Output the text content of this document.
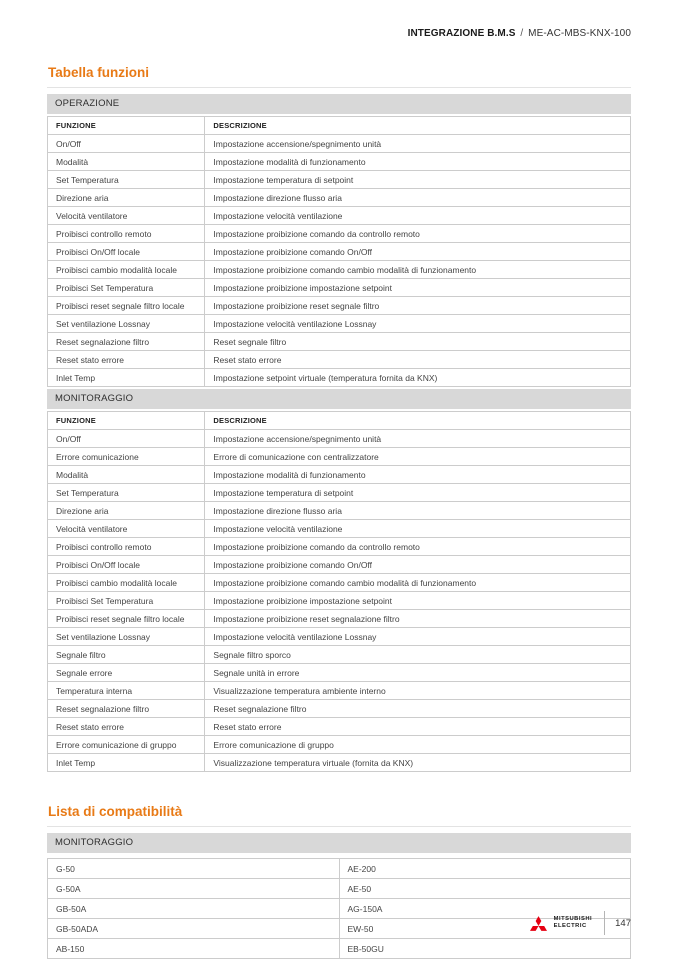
INTEGRAZIONE B.M.S / ME-AC-MBS-KNX-100
Tabella funzioni
OPERAZIONE
FUNZIONE	DESCRIZIONE
On/Off	Impostazione accensione/spegnimento unità
Modalità	Impostazione modalità di funzionamento
Set Temperatura	Impostazione temperatura di setpoint
Direzione aria	Impostazione direzione flusso aria
Velocità ventilatore	Impostazione velocità ventilazione
Proibisci controllo remoto	Impostazione proibizione comando da controllo remoto
Proibisci On/Off locale	Impostazione proibizione comando On/Off
Proibisci cambio modalità locale	Impostazione proibizione comando cambio modalità di funzionamento
Proibisci Set Temperatura	Impostazione proibizione impostazione setpoint
Proibisci reset segnale filtro locale	Impostazione proibizione reset segnale filtro
Set ventilazione Lossnay	Impostazione velocità ventilazione Lossnay
Reset segnalazione filtro	Reset segnale filtro
Reset stato errore	Reset stato errore
Inlet Temp	Impostazione setpoint virtuale (temperatura fornita da KNX)
MONITORAGGIO
FUNZIONE	DESCRIZIONE
On/Off	Impostazione accensione/spegnimento unità
Errore comunicazione	Errore di comunicazione con centralizzatore
Modalità	Impostazione modalità di funzionamento
Set Temperatura	Impostazione temperatura di setpoint
Direzione aria	Impostazione direzione flusso aria
Velocità ventilatore	Impostazione velocità ventilazione
Proibisci controllo remoto	Impostazione proibizione comando da controllo remoto
Proibisci On/Off locale	Impostazione proibizione comando On/Off
Proibisci cambio modalità locale	Impostazione proibizione comando cambio modalità di funzionamento
Proibisci Set Temperatura	Impostazione proibizione impostazione setpoint
Proibisci reset segnale filtro locale	Impostazione proibizione reset segnalazione filtro
Set ventilazione Lossnay	Impostazione velocità ventilazione Lossnay
Segnale filtro	Segnale filtro sporco
Segnale errore	Segnale unità in errore
Temperatura interna	Visualizzazione temperatura ambiente interno
Reset segnalazione filtro	Reset segnalazione filtro
Reset stato errore	Reset stato errore
Errore comunicazione di gruppo	Errore comunicazione di gruppo
Inlet Temp	Visualizzazione temperatura virtuale (fornita da KNX)
Lista di compatibilità
MONITORAGGIO
G-50	AE-200
G-50A	AE-50
GB-50A	AG-150A
GB-50ADA	EW-50
AB-150	EB-50GU
MITSUBISHI
ELECTRIC	147
